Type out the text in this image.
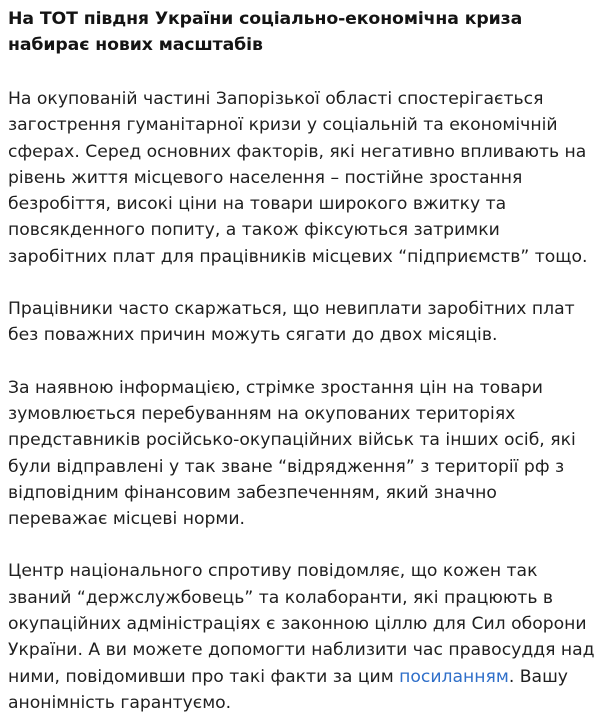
На ТОТ півдня України соціально-економічна криза набирає нових масштабів

На окупованій частині Запорізької області спостерігається загострення гуманітарної кризи у соціальній та економічній сферах. Серед основних факторів, які негативно впливають на рівень життя місцевого населення – постійне зростання безробіття, високі ціни на товари широкого вжитку та повсякденного попиту, а також фіксуються затримки заробітних плат для працівників місцевих “підприємств” тощо.

Працівники часто скаржаться, що невиплати заробітних плат без поважних причин можуть сягати до двох місяців.

За наявною інформацією, стрімке зростання цін на товари зумовлюється перебуванням на окупованих територіях представників російсько-окупаційних військ та інших осіб, які були відправлені у так зване “відрядження” з території рф з відповідним фінансовим забезпеченням, який значно переважає місцеві норми.

Центр національного спротиву повідомляє, що кожен так званий “держслужбовець” та колаборанти, які працюють в окупаційних адміністраціях є законною ціллю для Сил оборони України. А ви можете допомогти наблизити час правосуддя над ними, повідомивши про такі факти за цим посиланням. Вашу анонімність гарантуємо.
